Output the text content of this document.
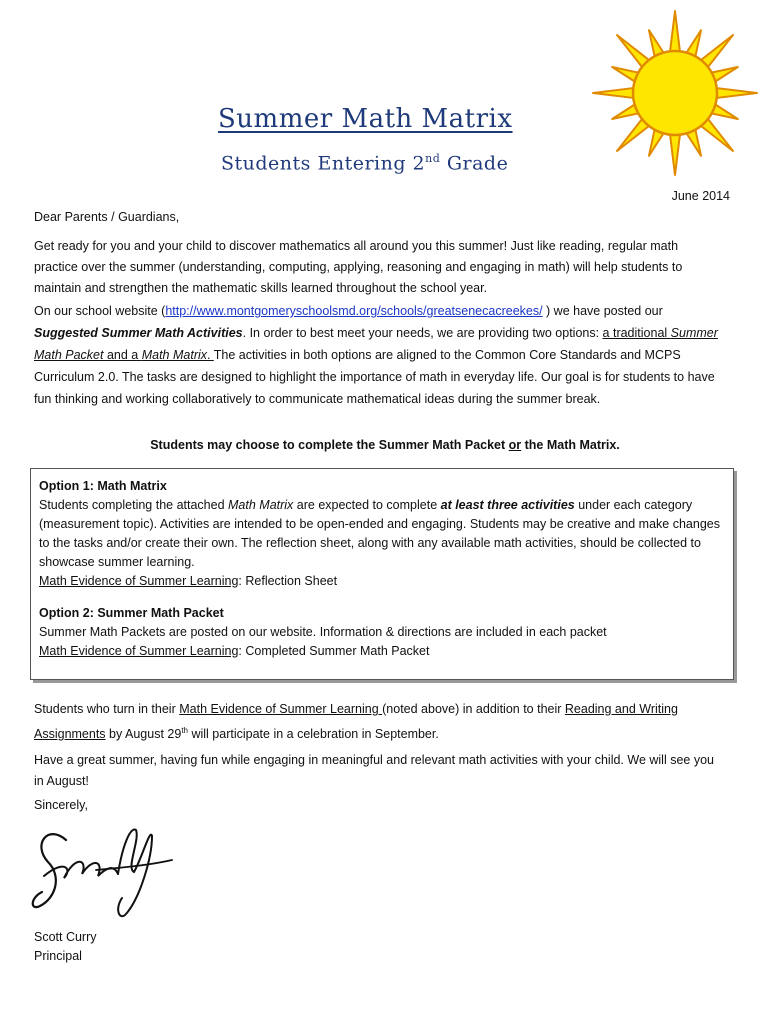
Summer Math Matrix
Students Entering 2nd Grade
June 2014
Dear Parents / Guardians,

Get ready for you and your child to discover mathematics all around you this summer! Just like reading, regular math practice over the summer (understanding, computing, applying, reasoning and engaging in math) will help students to maintain and strengthen the mathematic skills learned throughout the school year.

On our school website (http://www.montgomeryschoolsmd.org/schools/greatsenecacreekes/ ) we have posted our Suggested Summer Math Activities. In order to best meet your needs, we are providing two options: a traditional Summer Math Packet and a Math Matrix. The activities in both options are aligned to the Common Core Standards and MCPS Curriculum 2.0. The tasks are designed to highlight the importance of math in everyday life. Our goal is for students to have fun thinking and working collaboratively to communicate mathematical ideas during the summer break.

Students may choose to complete the Summer Math Packet or the Math Matrix.

Option 1: Math Matrix

Students completing the attached Math Matrix are expected to complete at least three activities under each category (measurement topic). Activities are intended to be open-ended and engaging. Students may be creative and make changes to the tasks and/or create their own. The reflection sheet, along with any available math activities, should be collected to showcase summer learning.

Math Evidence of Summer Learning: Reflection Sheet

Option 2: Summer Math Packet

Summer Math Packets are posted on our website. Information & directions are included in each packet

Math Evidence of Summer Learning: Completed Summer Math Packet

Students who turn in their Math Evidence of Summer Learning (noted above) in addition to their Reading and Writing Assignments by August 29th will participate in a celebration in September.

Have a great summer, having fun while engaging in meaningful and relevant math activities with your child. We will see you in August!

Sincerely,
Scott Curry
Principal
